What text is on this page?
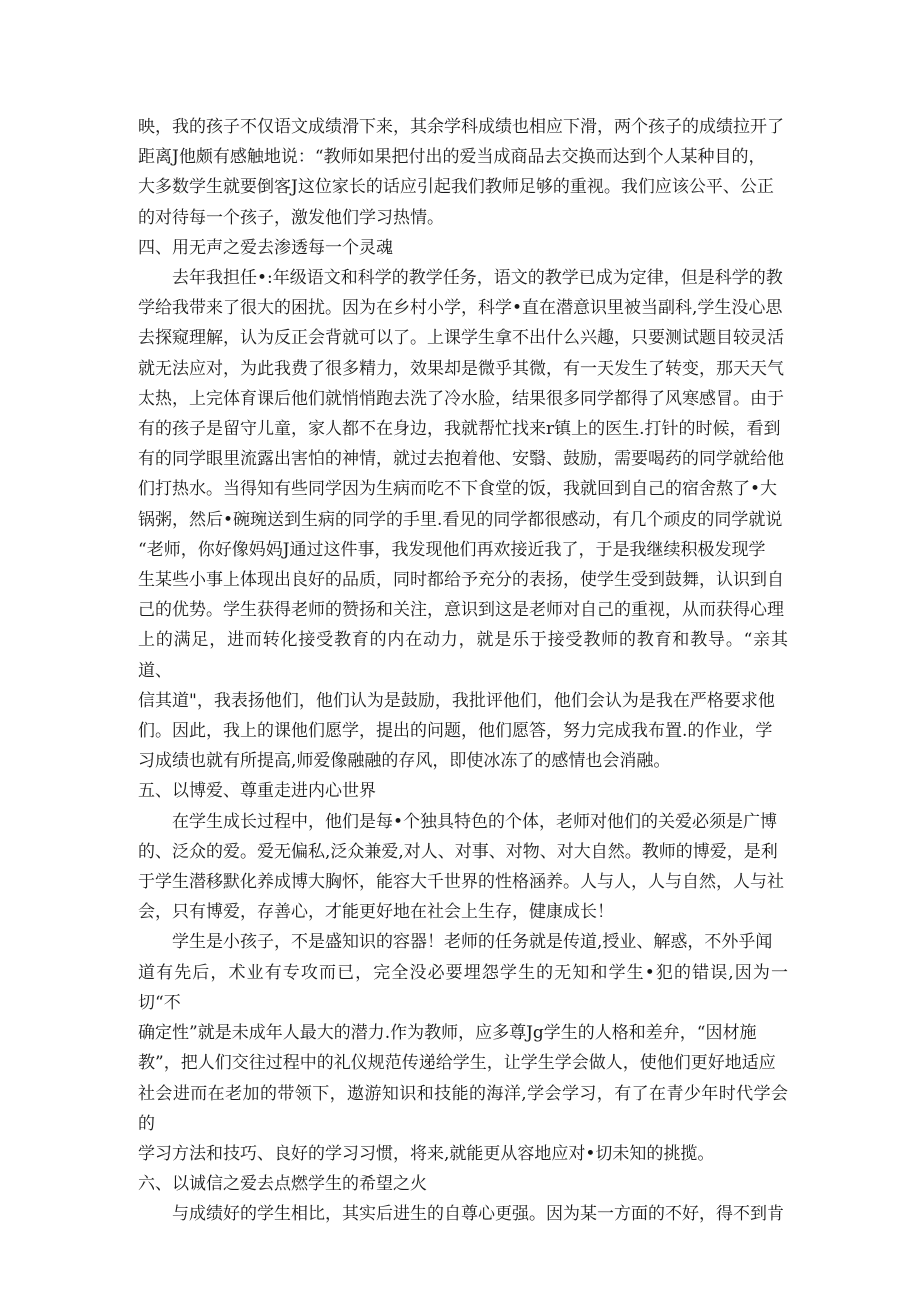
映，我的孩子不仅语文成绩滑下来，其余学科成绩也相应下滑，两个孩子的成绩拉开了
距离J他颇有感触地说：“教师如果把付出的爱当成商品去交换而达到个人某种目的，
大多数学生就要倒客J这位家长的话应引起我们教师足够的重视。我们应该公平、公正
的对待每一个孩子，激发他们学习热情。

四、用无声之爱去渗透每一个灵魂

　　去年我担任•:年级语文和科学的教学任务，语文的教学已成为定律，但是科学的教
学给我带来了很大的困扰。因为在乡村小学，科学•直在潜意识里被当副科,学生没心思
去探窥理解，认为反正会背就可以了。上课学生拿不出什么兴趣，只要测试题目较灵活
就无法应对，为此我费了很多精力，效果却是微乎其微，有一天发生了转变，那天天气
太热，上完体育课后他们就悄悄跑去洗了冷水脸，结果很多同学都得了风寒感冒。由于
有的孩子是留守儿童，家人都不在身边，我就帮忙找来r镇上的医生.打针的时候，看到
有的同学眼里流露出害怕的神情，就过去抱着他、安翳、鼓励，需要喝药的同学就给他
们打热水。当得知有些同学因为生病而吃不下食堂的饭，我就回到自己的宿舍熬了•大
锅粥，然后•碗琬送到生病的同学的手里.看见的同学都很感动，有几个顽皮的同学就说
“老师，你好像妈妈J通过这件事，我发现他们再欢接近我了，于是我继续积极发现学
生某些小事上体现出良好的品质，同时都给予充分的表扬，使学生受到鼓舞，认识到自
己的优势。学生获得老师的赞扬和关注，意识到这是老师对自己的重视，从而获得心理
上的满足，进而转化接受教育的内在动力，就是乐于接受教师的教育和教导。“亲其道、
信其道"，我表扬他们，他们认为是鼓励，我批评他们，他们会认为是我在严格要求他
们。因此，我上的课他们愿学，提出的问题，他们愿答，努力完成我布置.的作业，学
习成绩也就有所提高,师爱像融融的存风，即使冰冻了的感情也会消融。

五、以博爱、尊重走进内心世界

　　在学生成长过程中，他们是每•个独具特色的个体，老师对他们的关爱必须是广博
的、泛众的爱。爱无偏私,泛众兼爱,对人、对事、对物、对大自然。教师的博爱，是利
于学生潜移默化养成博大胸怀，能容大千世界的性格涵养。人与人，人与自然，人与社
会，只有博爱，存善心，才能更好地在社会上生存，健康成长！

　　学生是小孩子，不是盛知识的容器！老师的任务就是传道,授业、解惑，不外乎闻
道有先后，术业有专攻而已，完全没必要埋怨学生的无知和学生•犯的错误,因为一切“不
确定性”就是未成年人最大的潜力.作为教师，应多尊Jg学生的人格和差弁，“因材施
教”，把人们交往过程中的礼仪规范传递给学生，让学生学会做人，使他们更好地适应
社会进而在老加的带领下，遨游知识和技能的海洋,学会学习，有了在青少年时代学会的
学习方法和技巧、良好的学习习惯，将来,就能更从容地应对•切未知的挑揽。

六、以诚信之爱去点燃学生的希望之火

　　与成绩好的学生相比，其实后进生的自尊心更强。因为某一方面的不好，得不到肯
